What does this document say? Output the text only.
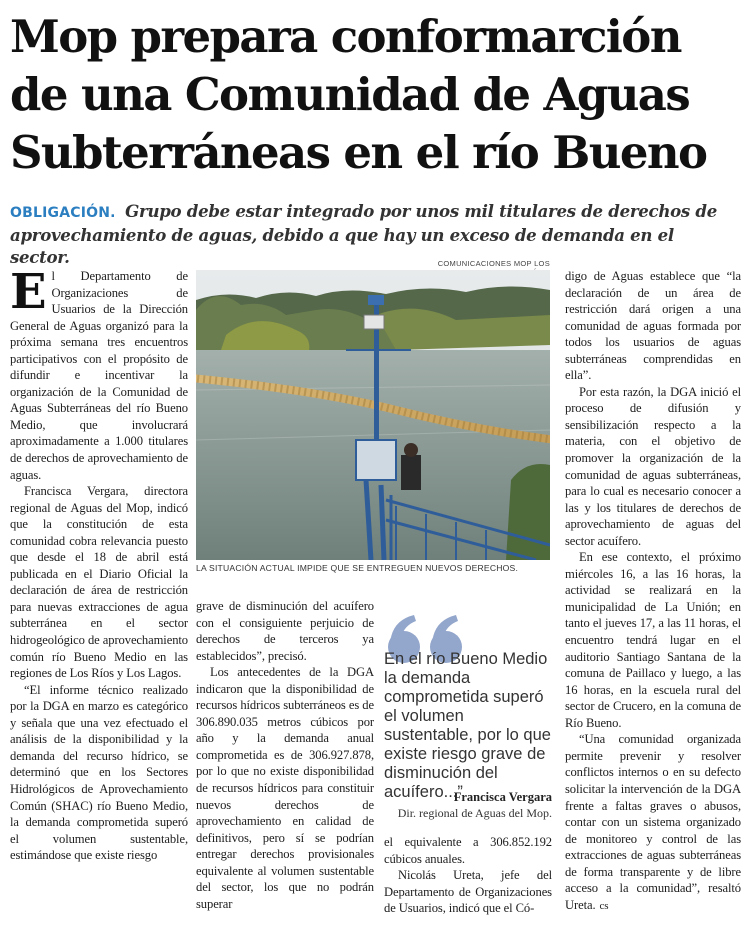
Mop prepara conformarción
de una Comunidad de Aguas
Subterráneas en el río Bueno
OBLIGACIÓN. Grupo debe estar integrado por unos mil titulares de derechos de aprovechamiento de aguas, debido a que hay un exceso de demanda en el sector.

El Departamento de Organizaciones de Usuarios de la Dirección General de Aguas organizó para la próxima semana tres encuentros participativos con el propósito de difundir e incentivar la organización de la Comunidad de Aguas Subterráneas del río Bueno Medio, que involucrará aproximadamente a 1.000 titulares de derechos de aprovechamiento de aguas.

Francisca Vergara, directora regional de Aguas del Mop, indicó que la constitución de esta comunidad cobra relevancia puesto que desde el 18 de abril está publicada en el Diario Oficial la declaración de área de restricción para nuevas extracciones de agua subterránea en el sector hidrogeológico de aprovechamiento común río Bueno Medio en las regiones de Los Ríos y Los Lagos.

“El informe técnico realizado por la DGA en marzo es categórico y señala que una vez efectuado el análisis de la disponibilidad y la demanda del recurso hídrico, se determinó que en los Sectores Hidrológicos de Aprovechamiento Común (SHAC) río Bueno Medio, la demanda comprometida superó el volumen sustentable, estimándose que existe riesgo

COMUNICACIONES MOP LOS
LA SITUACIÓN ACTUAL IMPIDE QUE SE ENTREGUEN NUEVOS DERECHOS.

grave de disminución del acuífero con el consiguiente perjuicio de derechos de terceros ya establecidos”, precisó.

Los antecedentes de la DGA indicaron que la disponibilidad de recursos hídricos subterráneos es de 306.890.035 metros cúbicos por año y la demanda anual comprometida es de 306.927.878, por lo que no existe disponibilidad de recursos hídricos para constituir nuevos derechos de aprovechamiento en calidad de definitivos, pero sí se podrían entregar derechos provisionales equivalente al volumen sustentable del sector, los que no podrán superar

En el río Bueno Medio la demanda comprometida superó el volumen sustentable, por lo que existe riesgo grave de disminución del acuífero...”
Francisca Vergara
Dir. regional de Aguas del Mop.

el equivalente a 306.852.192 cúbicos anuales.

Nicolás Ureta, jefe del Departamento de Organizaciones de Usuarios, indicó que el Có-

digo de Aguas establece que “la declaración de un área de restricción dará origen a una comunidad de aguas formada por todos los usuarios de aguas subterráneas comprendidas en ella”.

Por esta razón, la DGA inició el proceso de difusión y sensibilización respecto a la materia, con el objetivo de promover la organización de la comunidad de aguas subterráneas, para lo cual es necesario conocer a las y los titulares de derechos de aprovechamiento de aguas del sector acuífero.

En ese contexto, el próximo miércoles 16, a las 16 horas, la actividad se realizará en la municipalidad de La Unión; en tanto el jueves 17, a las 11 horas, el encuentro tendrá lugar en el auditorio Santiago Santana de la comuna de Paillaco y luego, a las 16 horas, en la escuela rural del sector de Crucero, en la comuna de Río Bueno.

“Una comunidad organizada permite prevenir y resolver conflictos internos o en su defecto solicitar la intervención de la DGA frente a faltas graves o abusos, contar con un sistema organizado de monitoreo y control de las extracciones de aguas subterráneas de forma transparente y de libre acceso a la comunidad”, resaltó Ureta. cs
